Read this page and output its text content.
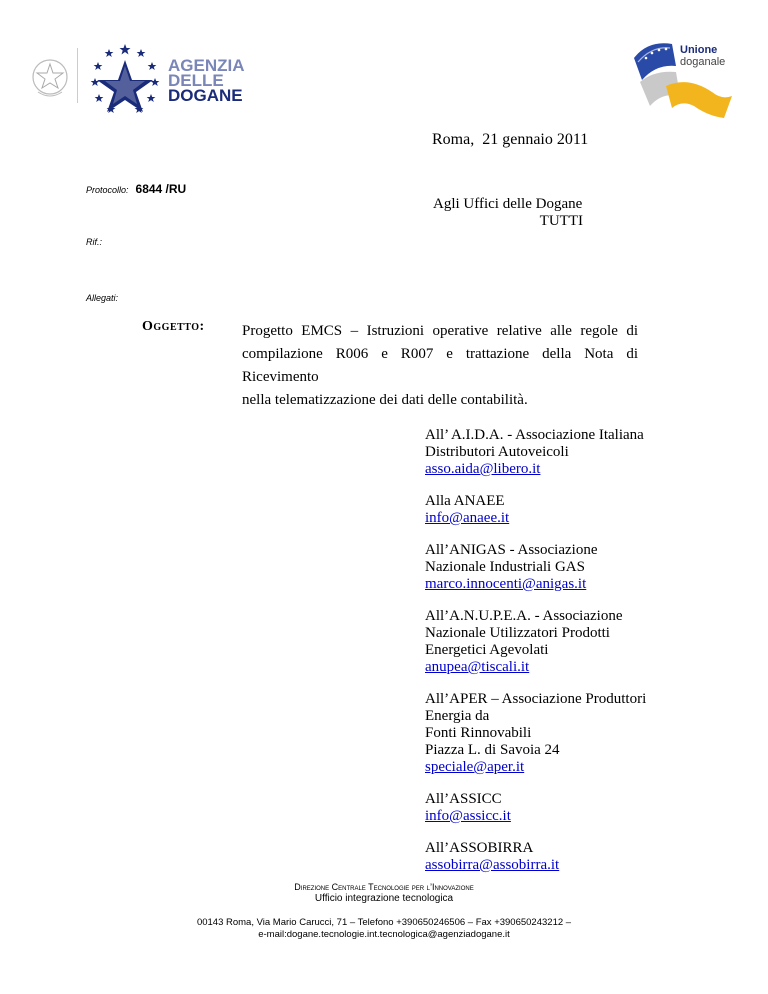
AGENZIA
DELLE
DOGANE
Unione
doganale
Roma,  21 gennaio 2011
Protocollo: 6844 /RU
Agli Uffici delle Dogane
TUTTI
Rif.:
Allegati:
Oggetto: Progetto EMCS – Istruzioni operative relative alle regole di
compilazione R006 e R007 e trattazione della Nota di Ricevimento
nella telematizzazione dei dati delle contabilità.
All’ A.I.D.A. - Associazione Italiana
Distributori Autoveicoli
asso.aida@libero.it
Alla ANAEE
info@anaee.it
All’ANIGAS - Associazione
Nazionale Industriali GAS
marco.innocenti@anigas.it
All’A.N.U.P.E.A. - Associazione
Nazionale Utilizzatori Prodotti
Energetici Agevolati
anupea@tiscali.it
All’APER – Associazione Produttori
Energia da
Fonti Rinnovabili
Piazza L. di Savoia 24
speciale@aper.it
All’ASSICC
info@assicc.it
All’ASSOBIRRA
assobirra@assobirra.it
Direzione Centrale Tecnologie per l’Innovazione
Ufficio integrazione tecnologica
00143 Roma, Via Mario Carucci, 71 – Telefono +390650246506 – Fax +390650243212 –
e-mail:dogane.tecnologie.int.tecnologica@agenziadogane.it
